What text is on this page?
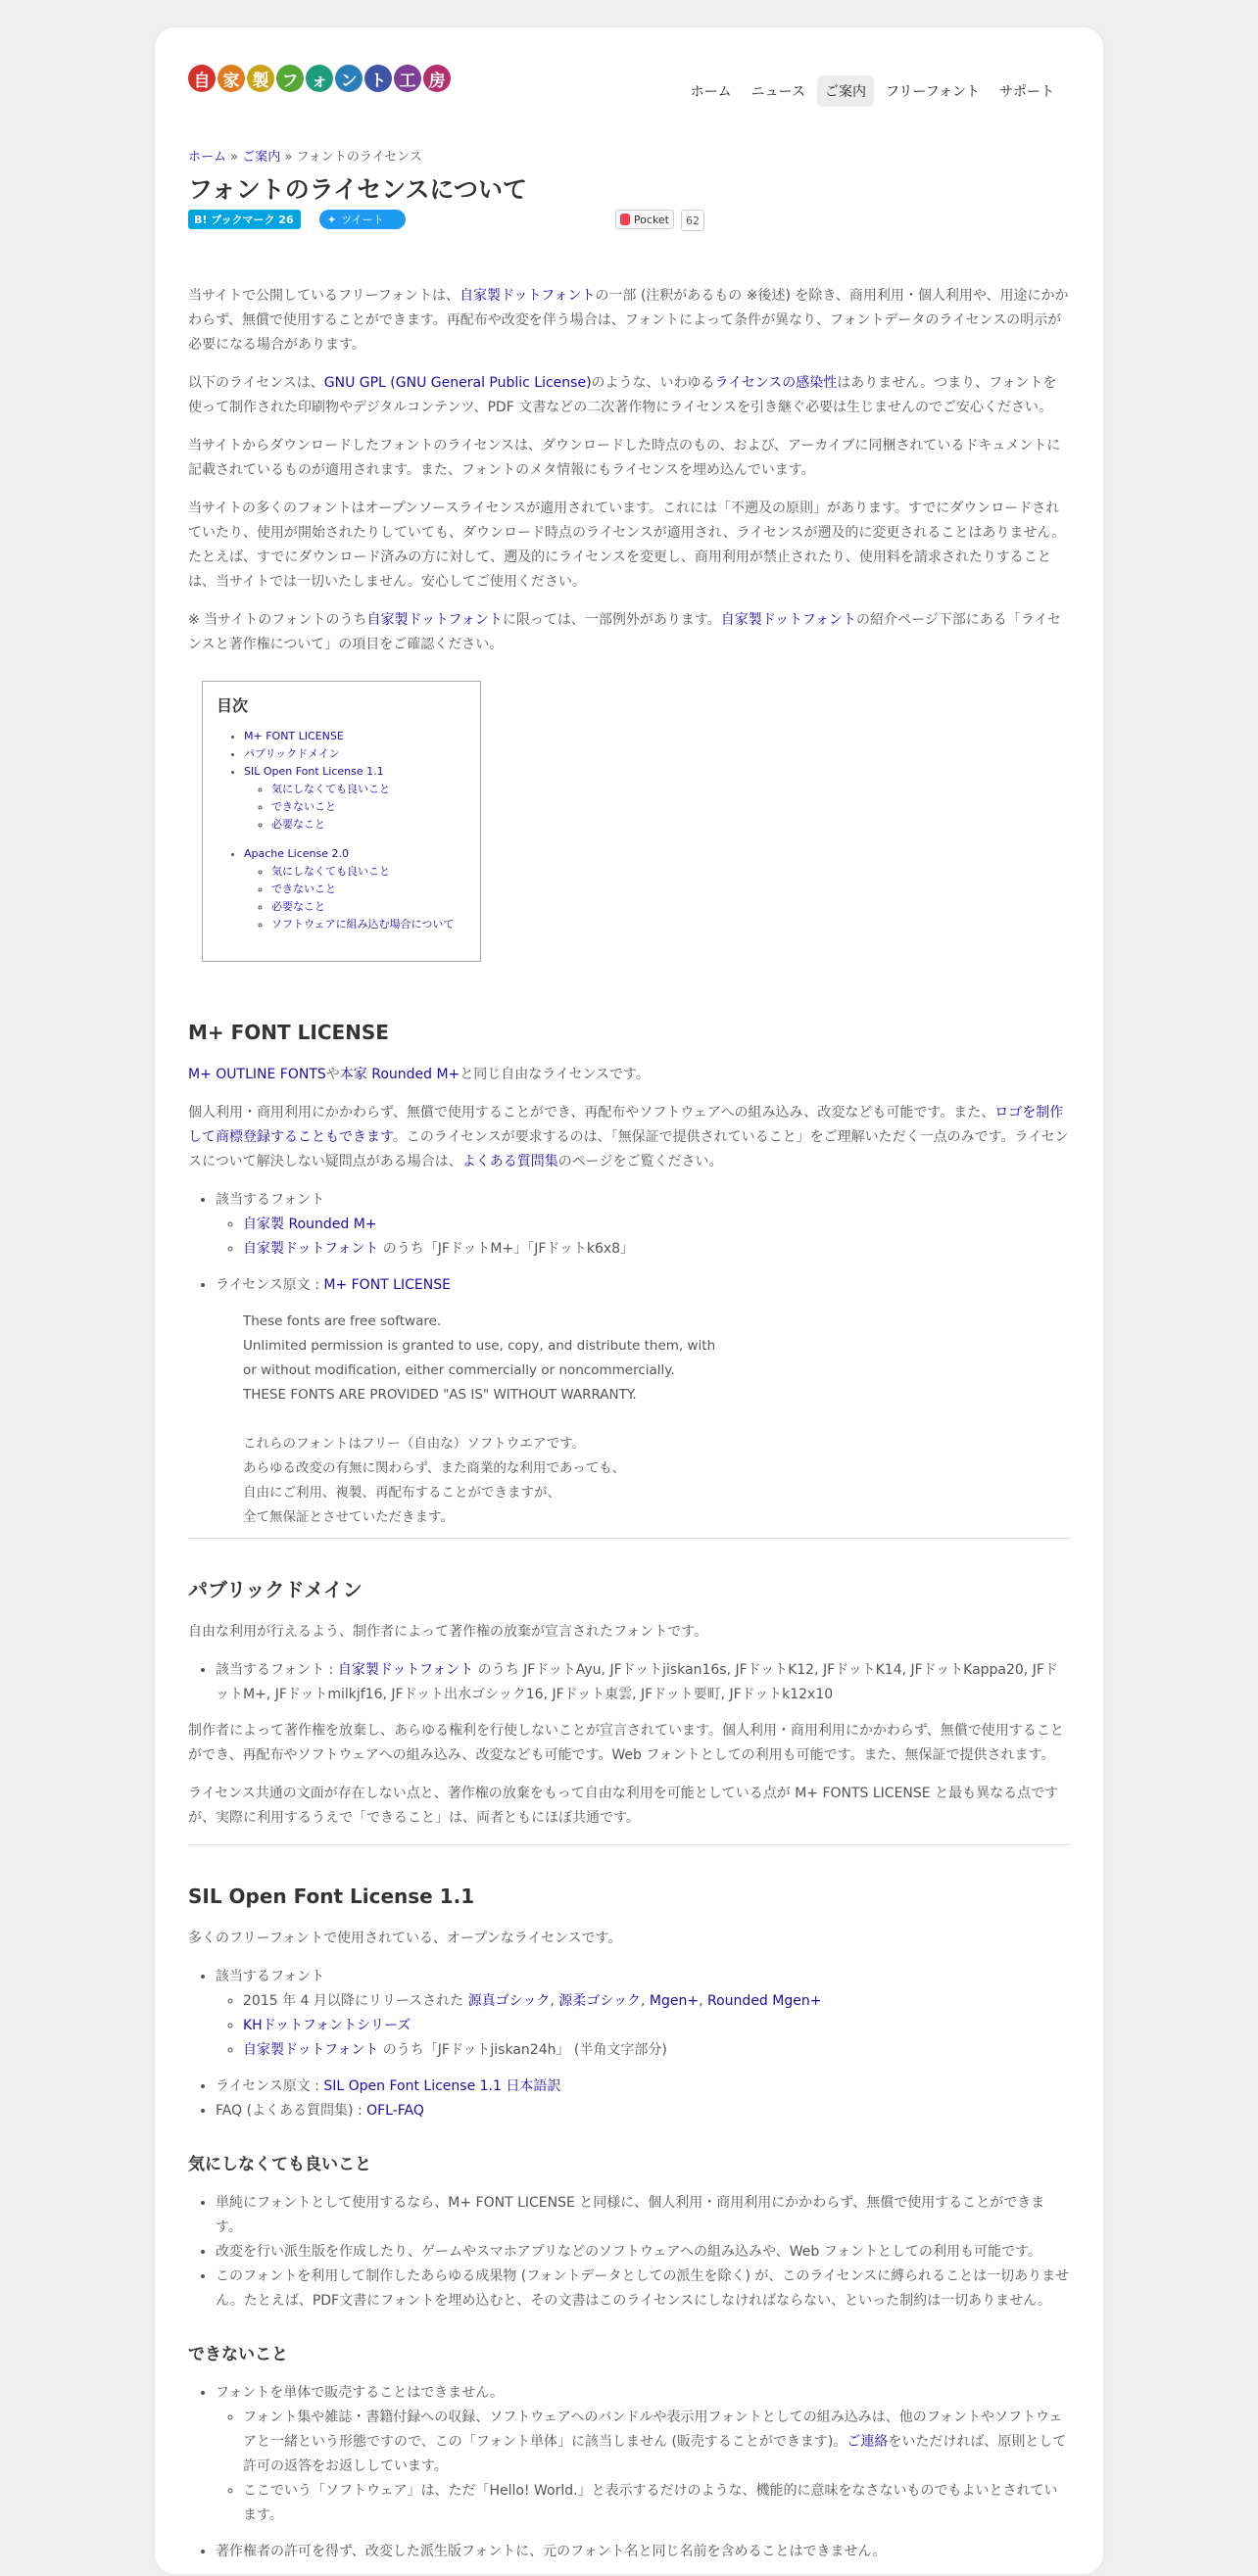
自 家 製 フ ォ ン ト 工 房
ホーム	ニュース	ご案内	フリーフォント	サポート
ホーム » ご案内 » フォントのライセンス
フォントのライセンスについて
B! ブックマーク 26	✦ ツイート	Pocket	62

当サイトで公開しているフリーフォントは、自家製ドットフォントの一部 (注釈があるもの ※後述) を除き、商用利用・個人利用や、用途にかかわらず、無償で使用することができます。再配布や改変を伴う場合は、フォントによって条件が異なり、フォントデータのライセンスの明示が必要になる場合があります。

以下のライセンスは、GNU GPL (GNU General Public License)のような、いわゆるライセンスの感染性はありません。つまり、フォントを使って制作された印刷物やデジタルコンテンツ、PDF 文書などの二次著作物にライセンスを引き継ぐ必要は生じませんのでご安心ください。

当サイトからダウンロードしたフォントのライセンスは、ダウンロードした時点のもの、および、アーカイブに同梱されているドキュメントに記載されているものが適用されます。また、フォントのメタ情報にもライセンスを埋め込んでいます。

当サイトの多くのフォントはオープンソースライセンスが適用されています。これには「不遡及の原則」があります。すでにダウンロードされていたり、使用が開始されたりしていても、ダウンロード時点のライセンスが適用され、ライセンスが遡及的に変更されることはありません。たとえば、すでにダウンロード済みの方に対して、遡及的にライセンスを変更し、商用利用が禁止されたり、使用料を請求されたりすることは、当サイトでは一切いたしません。安心してご使用ください。

※ 当サイトのフォントのうち自家製ドットフォントに限っては、一部例外があります。自家製ドットフォントの紹介ページ下部にある「ライセンスと著作権について」の項目をご確認ください。

目次
• M+ FONT LICENSE
• パブリックドメイン
• SIL Open Font License 1.1
◦ 気にしなくても良いこと
◦ できないこと
◦ 必要なこと
• Apache License 2.0
◦ 気にしなくても良いこと
◦ できないこと
◦ 必要なこと
◦ ソフトウェアに組み込む場合について
M+ FONT LICENSE

M+ OUTLINE FONTSや本家 Rounded M+と同じ自由なライセンスです。

個人利用・商用利用にかかわらず、無償で使用することができ、再配布やソフトウェアへの組み込み、改変なども可能です。また、ロゴを制作して商標登録することもできます。このライセンスが要求するのは、「無保証で提供されていること」をご理解いただく一点のみです。ライセンスについて解決しない疑問点がある場合は、よくある質問集のページをご覧ください。

• 該当するフォント
◦ 自家製 Rounded M+
◦ 自家製ドットフォント のうち「JFドットM+」「JFドットk6x8」
• ライセンス原文 : M+ FONT LICENSE
These fonts are free software.
Unlimited permission is granted to use, copy, and distribute them, with
or without modification, either commercially or noncommercially.
THESE FONTS ARE PROVIDED "AS IS" WITHOUT WARRANTY.
これらのフォントはフリー（自由な）ソフトウエアです。
あらゆる改変の有無に関わらず、また商業的な利用であっても、
自由にご利用、複製、再配布することができますが、
全て無保証とさせていただきます。
パブリックドメイン

自由な利用が行えるよう、制作者によって著作権の放棄が宣言されたフォントです。

• 該当するフォント : 自家製ドットフォント のうち JFドットAyu, JFドットjiskan16s, JFドットK12, JFドットK14, JFドットKappa20, JFドットM+, JFドットmilkjf16, JFドット出水ゴシック16, JFドット東雲, JFドット要町, JFドットk12x10

制作者によって著作権を放棄し、あらゆる権利を行使しないことが宣言されています。個人利用・商用利用にかかわらず、無償で使用することができ、再配布やソフトウェアへの組み込み、改変なども可能です。Web フォントとしての利用も可能です。また、無保証で提供されます。

ライセンス共通の文面が存在しない点と、著作権の放棄をもって自由な利用を可能としている点が M+ FONTS LICENSE と最も異なる点ですが、実際に利用するうえで「できること」は、両者ともにほぼ共通です。

SIL Open Font License 1.1

多くのフリーフォントで使用されている、オープンなライセンスです。

• 該当するフォント
◦ 2015 年 4 月以降にリリースされた 源真ゴシック, 源柔ゴシック, Mgen+, Rounded Mgen+
◦ KHドットフォントシリーズ
◦ 自家製ドットフォント のうち「JFドットjiskan24h」 (半角文字部分)
• ライセンス原文 : SIL Open Font License 1.1 日本語訳
• FAQ (よくある質問集) : OFL-FAQ
気にしなくても良いこと
• 単純にフォントとして使用するなら、M+ FONT LICENSE と同様に、個人利用・商用利用にかかわらず、無償で使用することができます。
• 改変を行い派生版を作成したり、ゲームやスマホアプリなどのソフトウェアへの組み込みや、Web フォントとしての利用も可能です。
• このフォントを利用して制作したあらゆる成果物 (フォントデータとしての派生を除く) が、このライセンスに縛られることは一切ありません。たとえば、PDF文書にフォントを埋め込むと、その文書はこのライセンスにしなければならない、といった制約は一切ありません。
できないこと
• フォントを単体で販売することはできません。
◦ フォント集や雑誌・書籍付録への収録、ソフトウェアへのバンドルや表示用フォントとしての組み込みは、他のフォントやソフトウェアと一緒という形態ですので、この「フォント単体」に該当しません (販売することができます)。ご連絡をいただければ、原則として許可の返答をお返ししています。
◦ ここでいう「ソフトウェア」は、ただ「Hello! World.」と表示するだけのような、機能的に意味をなさないものでもよいとされています。
• 著作権者の許可を得ず、改変した派生版フォントに、元のフォント名と同じ名前を含めることはできません。
